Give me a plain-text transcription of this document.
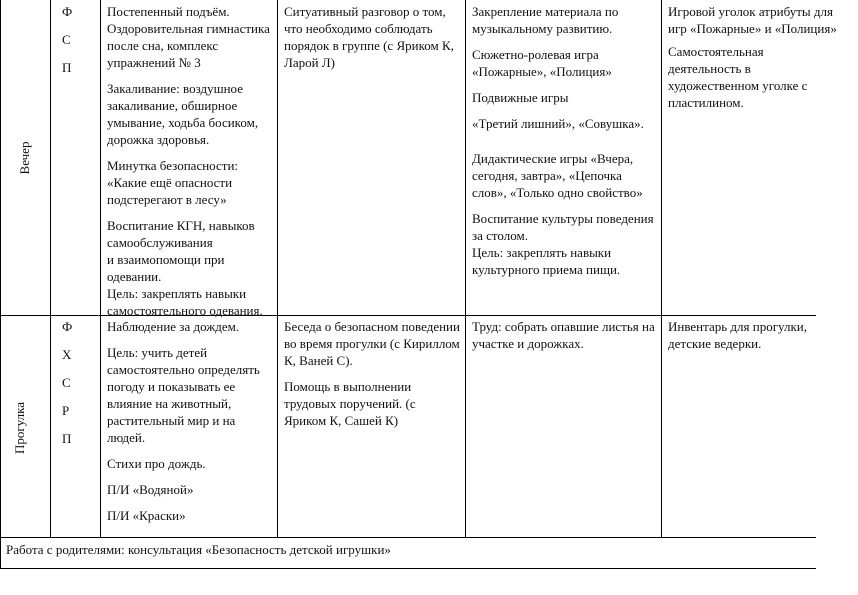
Вечер
Ф
С
П

Постепенный подъём.
Оздоровительная гимнастика
после сна, комплекс
упражнений № 3

Закаливание: воздушное
закаливание, обширное
умывание, ходьба босиком,
дорожка здоровья.

Минутка безопасности:
«Какие ещё опасности
подстерегают в лесу»

Воспитание КГН, навыков
самообслуживания
и взаимопомощи при
одевании.
Цель: закреплять навыки
самостоятельного одевания.

Ситуативный разговор о том,
что необходимо соблюдать
порядок в группе (с Яриком К,
Ларой Л)

Закрепление материала по
музыкальному развитию.

Сюжетно-ролевая игра
«Пожарные», «Полиция»

Подвижные игры

«Третий лишний», «Совушка».

Дидактические игры «Вчера,
сегодня, завтра», «Цепочка
слов», «Только одно свойство»

Воспитание культуры поведения
за столом.
Цель: закреплять навыки
культурного приема пищи.

Игровой уголок атрибуты для
игр «Пожарные» и «Полиция»

Самостоятельная
деятельность в
художественном уголке с
пластилином.

Прогулка
Ф
Х
С
Р
П

Наблюдение за дождем.

Цель: учить детей
самостоятельно определять
погоду и показывать ее
влияние на животный,
растительный мир и на
людей.

Стихи про дождь.

П/И «Водяной»

П/И «Краски»

Беседа о безопасном поведении
во время прогулки (с Кириллом
К, Ваней С).

Помощь в выполнении
трудовых поручений. (с
Яриком К, Сашей К)

Труд: собрать опавшие листья на
участке и дорожках.

Инвентарь для прогулки,
детские ведерки.

Работа с родителями: консультация «Безопасность детской игрушки»
